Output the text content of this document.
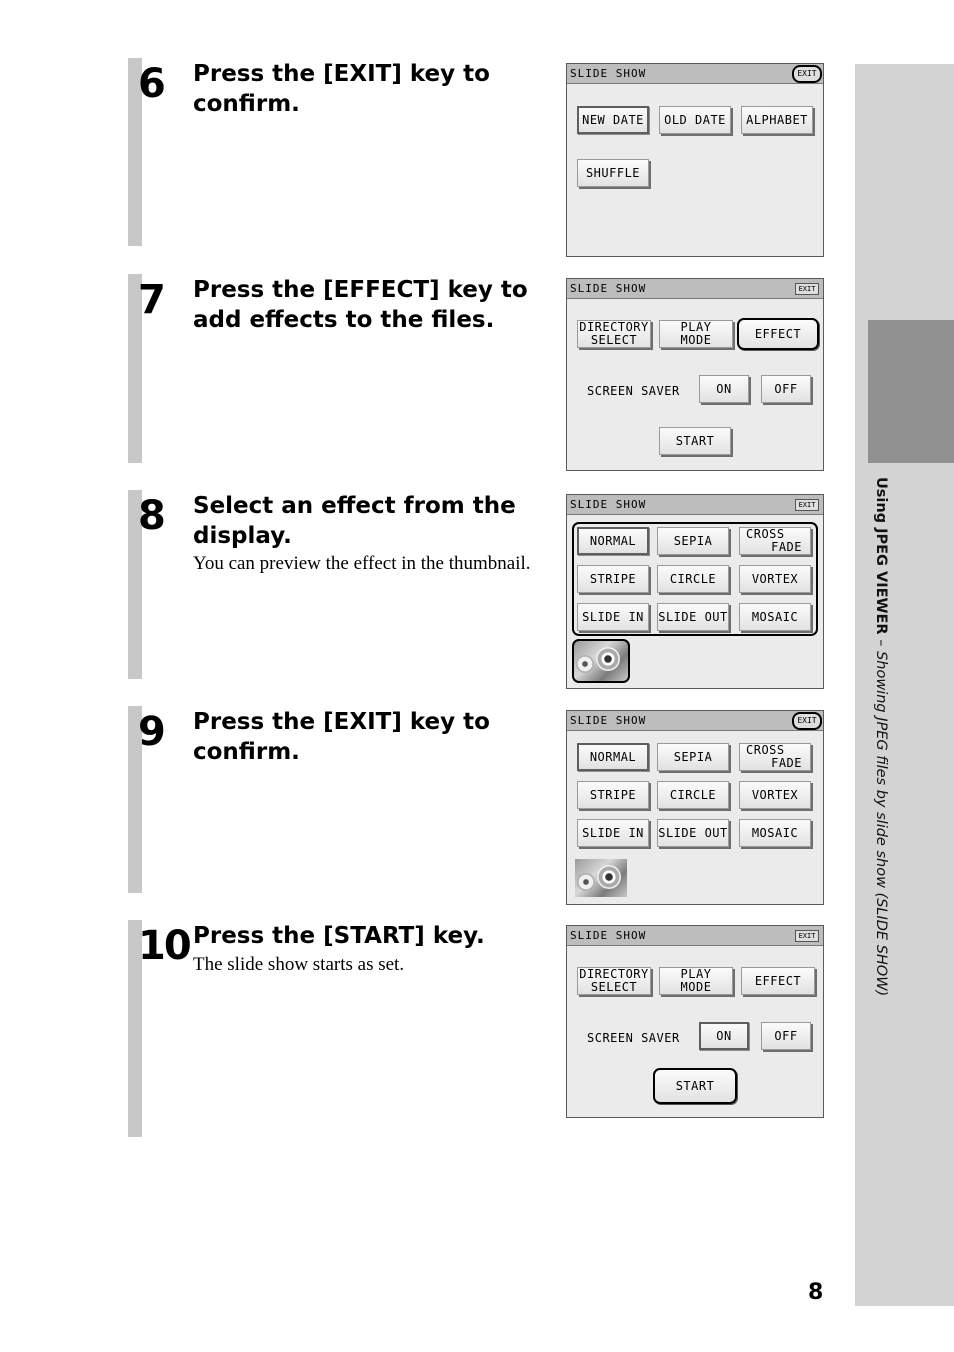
6 Press the [EXIT] key to confirm.
SLIDE SHOW	EXIT
NEW DATE	OLD DATE	ALPHABET
SHUFFLE
7 Press the [EFFECT] key to add effects to the files.
SLIDE SHOW	EXIT
DIRECTORY
SELECT
PLAY
MODE	EFFECT
SCREEN SAVER	ON	OFF
START
8 Select an effect from the display.
You can preview the effect in the thumbnail.
SLIDE SHOW	EXIT
NORMAL	SEPIA	CROSS
FADE
STRIPE	CIRCLE	VORTEX
SLIDE IN	SLIDE OUT	MOSAIC
9 Press the [EXIT] key to confirm.
SLIDE SHOW	EXIT
NORMAL	SEPIA	CROSS
FADE
STRIPE	CIRCLE	VORTEX
SLIDE IN	SLIDE OUT	MOSAIC
10 Press the [START] key.
The slide show starts as set.
SLIDE SHOW	EXIT
DIRECTORY
SELECT
PLAY
MODE	EFFECT
SCREEN SAVER	ON	OFF
START
Using JPEG VIEWER – Showing JPEG files by slide show (SLIDE SHOW)
8
